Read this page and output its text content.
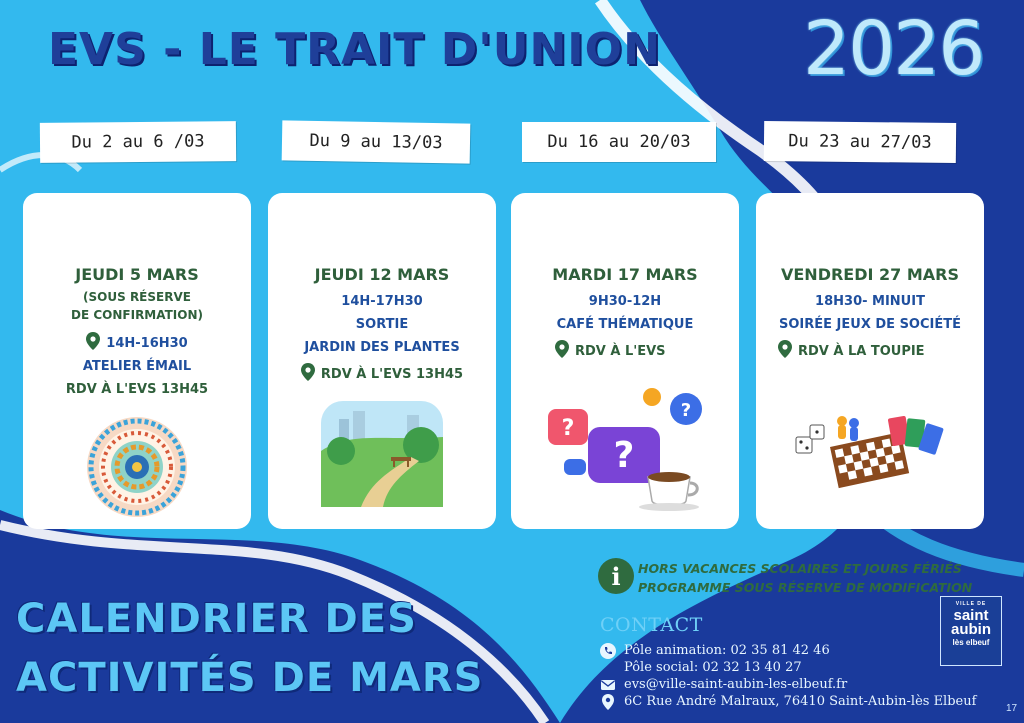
EVS - LE TRAIT D'UNION 2026
Du 2 au 6 /03	Du 9 au 13/03	Du 16 au 20/03	Du 23 au 27/03
JEUDI 5 MARS
(SOUS RÉSERVE
DE CONFIRMATION)
14H-16H30
ATELIER ÉMAIL
RDV À L'EVS 13H45
JEUDI 12 MARS
14H-17H30
SORTIE
JARDIN DES PLANTES
RDV À L'EVS 13H45
MARDI 17 MARS
9H30-12H
CAFÉ THÉMATIQUE
RDV À L'EVS
?
?
?
VENDREDI 27 MARS
18H30- MINUIT
SOIRÉE JEUX DE SOCIÉTÉ
RDV À LA TOUPIE
CALENDRIER DES
ACTIVITÉS DE MARS
i	HORS VACANCES SCOLAIRES ET JOURS FÉRIÉS
PROGRAMME SOUS RÉSERVE DE MODIFICATION
CONTACT
Pôle animation: 02 35 81 42 46
Pôle social: 02 32 13 40 27
evs@ville-saint-aubin-les-elbeuf.fr
6C Rue André Malraux, 76410 Saint-Aubin-lès Elbeuf
VILLE DE
saint
aubin
lès elbeuf
17
